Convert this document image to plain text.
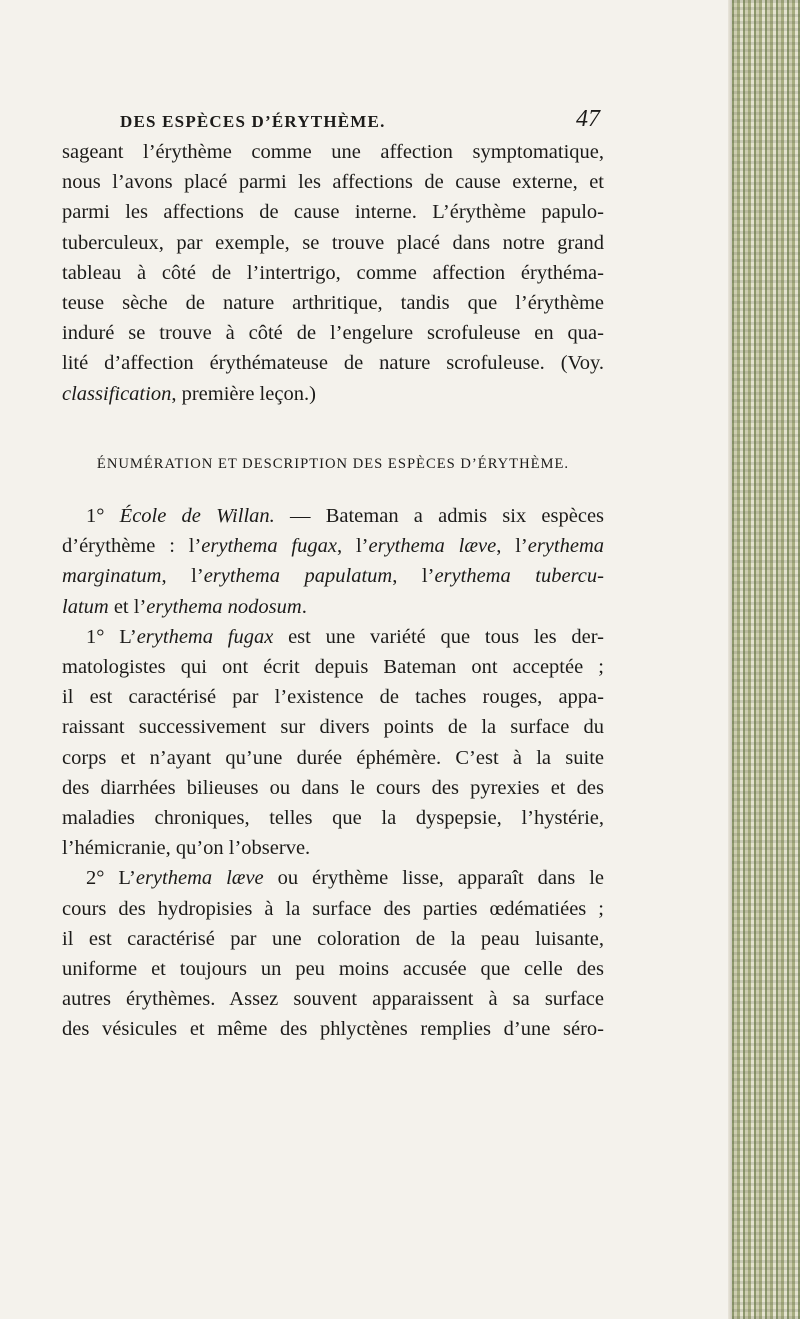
DES ESPÈCES D’ÉRYTHÈME.	47

sageant l’érythème comme une affection symptomatique,
nous l’avons placé parmi les affections de cause externe, et
parmi les affections de cause interne. L’érythème papulo-
tuberculeux, par exemple, se trouve placé dans notre grand
tableau à côté de l’intertrigo, comme affection érythéma-
teuse sèche de nature arthritique, tandis que l’érythème
induré se trouve à côté de l’engelure scrofuleuse en qua-
lité d’affection érythémateuse de nature scrofuleuse. (Voy.
classification, première leçon.)

ÉNUMÉRATION ET DESCRIPTION DES ESPÈCES D’ÉRYTHÈME.

1° École de Willan. — Bateman a admis six espèces
d’érythème : l’erythema fugax, l’erythema læve, l’erythema
marginatum, l’erythema papulatum, l’erythema tubercu-
latum et l’erythema nodosum.

1° L’erythema fugax est une variété que tous les der-
matologistes qui ont écrit depuis Bateman ont acceptée ;
il est caractérisé par l’existence de taches rouges, appa-
raissant successivement sur divers points de la surface du
corps et n’ayant qu’une durée éphémère. C’est à la suite
des diarrhées bilieuses ou dans le cours des pyrexies et des
maladies chroniques, telles que la dyspepsie, l’hystérie,
l’hémicranie, qu’on l’observe.

2° L’erythema læve ou érythème lisse, apparaît dans le
cours des hydropisies à la surface des parties œdématiées ;
il est caractérisé par une coloration de la peau luisante,
uniforme et toujours un peu moins accusée que celle des
autres érythèmes. Assez souvent apparaissent à sa surface
des vésicules et même des phlyctènes remplies d’une séro-
